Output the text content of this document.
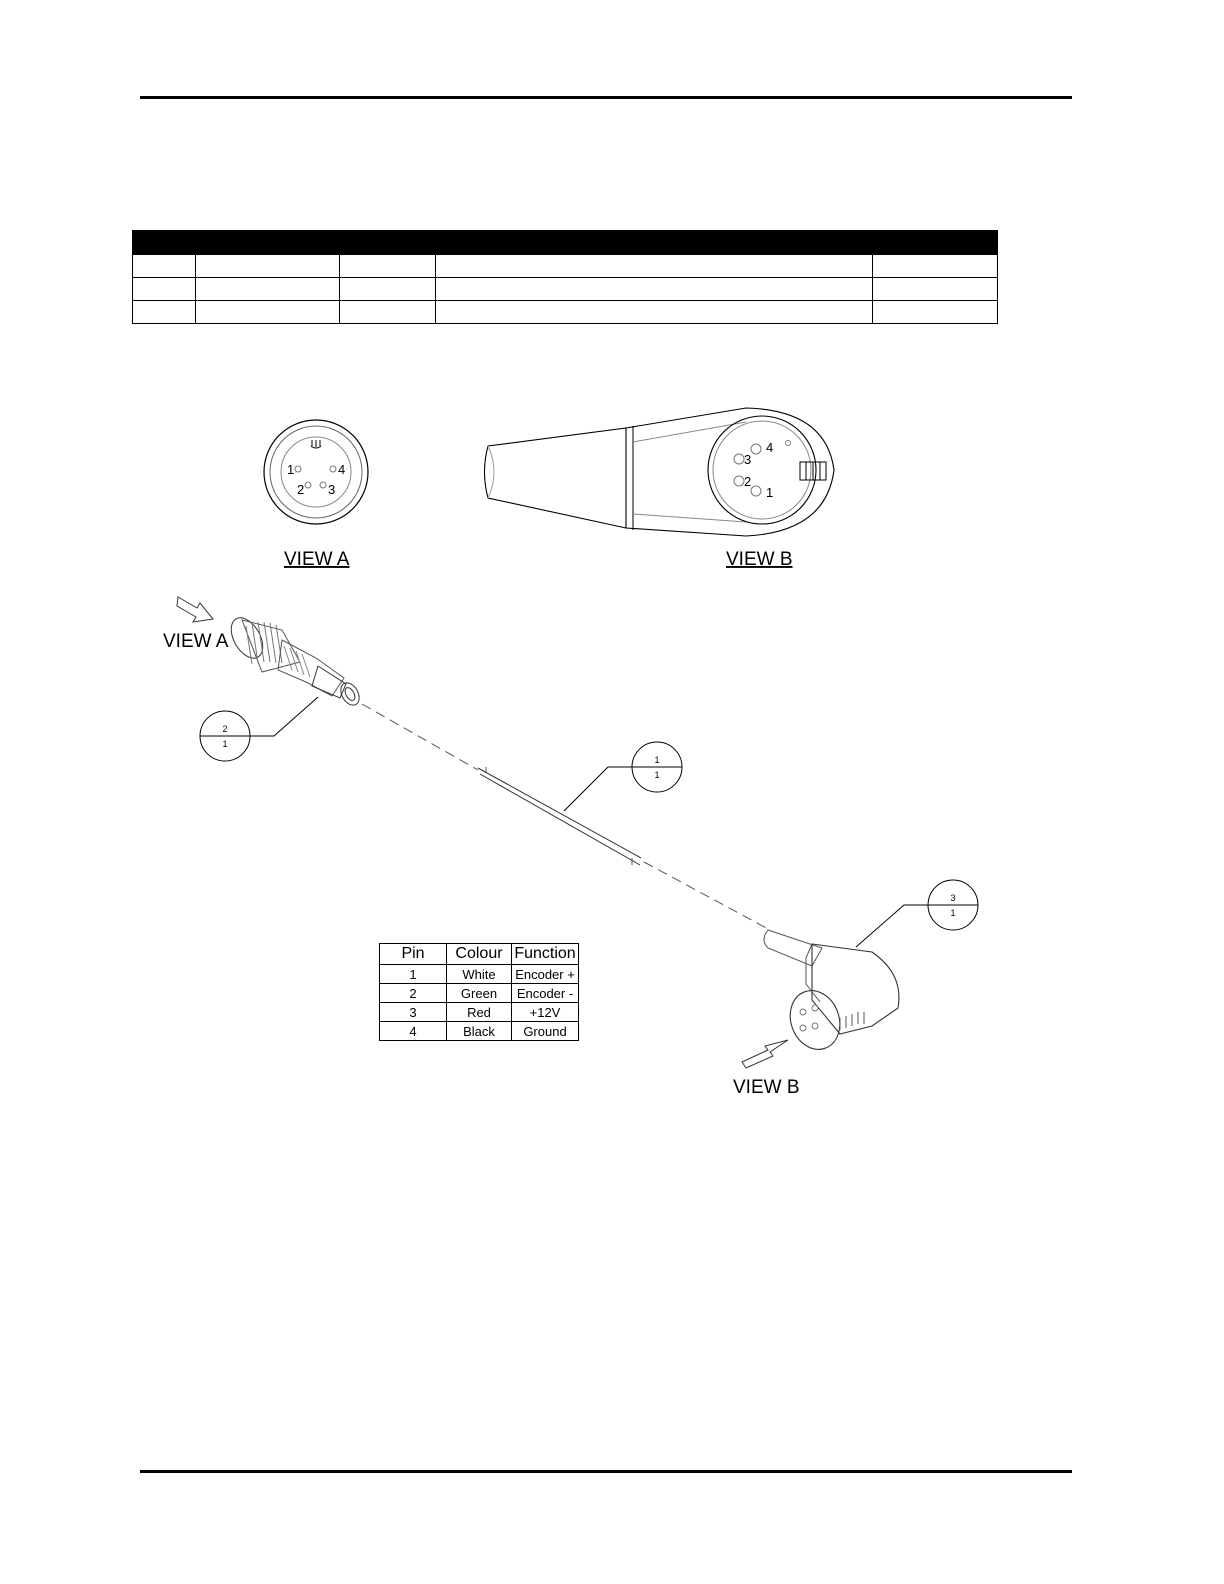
1
2 3
4
VIEW A
4
3
2
1
VIEW B
VIEW A
VIEW B
2
1
1
1
3
1
Pin	Colour	Function
1	White	Encoder +
2	Green	Encoder -
3	Red	+12V
4	Black	Ground
